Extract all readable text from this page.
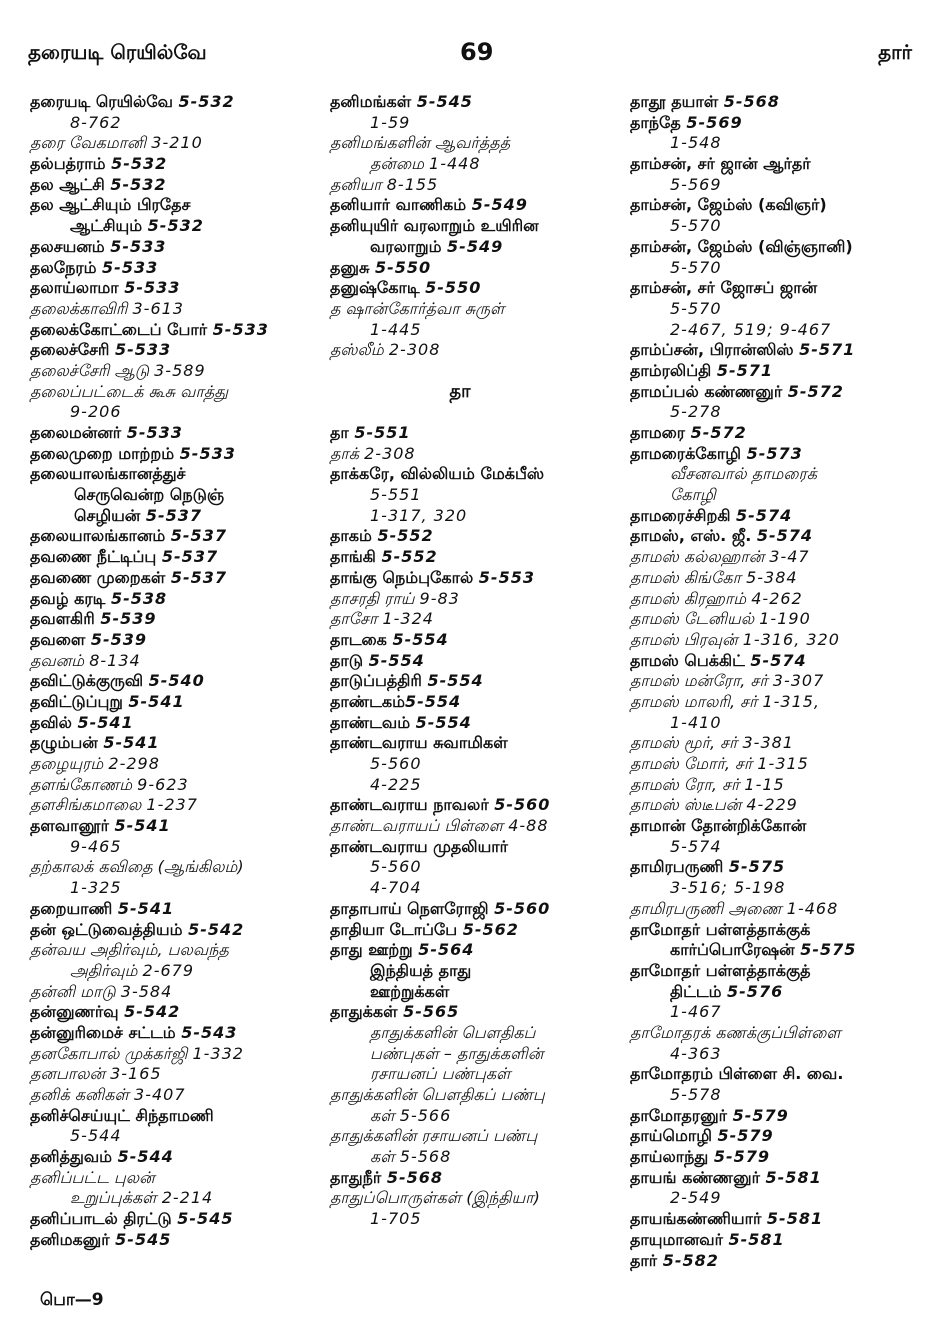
தரையடி ரெயில்வே	69	தார்
தரையடி ரெயில்வே 5-532
8-762
தரை வேகமானி 3-210
தல்பத்ராம் 5-532
தல ஆட்சி 5-532
தல ஆட்சியும் பிரதேச
ஆட்சியும் 5-532
தலசயனம் 5-533
தலநேரம் 5-533
தலாய்லாமா 5-533
தலைக்காவிரி 3-613
தலைக்கோட்டைப் போர் 5-533
தலைச்சேரி 5-533
தலைச்சேரி ஆடு 3-589
தலைப்பட்டைக் கூசு வாத்து
9-206
தலைமன்னர் 5-533
தலைமுறை மாற்றம் 5-533
தலையாலங்கானத்துச்
செருவென்ற நெடுஞ்
செழியன் 5-537
தலையாலங்கானம் 5-537
தவணை நீட்டிப்பு 5-537
தவணை முறைகள் 5-537
தவழ் கரடி 5-538
தவளகிரி 5-539
தவளை 5-539
தவனம் 8-134
தவிட்டுக்குருவி 5-540
தவிட்டுப்புறு 5-541
தவில் 5-541
தழும்பன் 5-541
தழையுரம் 2-298
தளங்கோணம் 9-623
தளசிங்கமாலை 1-237
தளவானூர் 5-541
9-465
தற்காலக் கவிதை (ஆங்கிலம்)
1-325
தறையாணி 5-541
தன் ஒட்டுவைத்தியம் 5-542
தன்வய அதிர்வும், பலவந்த
அதிர்வும் 2-679
தன்னி மாடு 3-584
தன்னுணர்வு 5-542
தன்னுரிமைச் சட்டம் 5-543
தனகோபால் முக்கர்ஜி 1-332
தனபாலன் 3-165
தனிக் கனிகள் 3-407
தனிச்செய்யுட் சிந்தாமணி
5-544
தனித்துவம் 5-544
தனிப்பட்ட புலன்
உறுப்புக்கள் 2-214
தனிப்பாடல் திரட்டு 5-545
தனிமகனுர் 5-545
தனிமங்கள் 5-545
1-59
தனிமங்களின் ஆவர்த்தத்
தன்மை 1-448
தனியா 8-155
தனியார் வாணிகம் 5-549
தனியுயிர் வரலாறும் உயிரின
வரலாறும் 5-549
தனுசு 5-550
தனுஷ்கோடி 5-550
த ஷான்கோர்த்வா சுருள்
1-445
தஸ்லீம் 2-308
தா
தா 5-551
தாக் 2-308
தாக்கரே, வில்லியம் மேக்பீஸ்
5-551
1-317, 320
தாகம் 5-552
தாங்கி 5-552
தாங்கு நெம்புகோல் 5-553
தாசரதி ராய் 9-83
தாசோ 1-324
தாடகை 5-554
தாடு 5-554
தாடுப்பத்திரி 5-554
தாண்டகம்5-554
தாண்டவம் 5-554
தாண்டவராய சுவாமிகள்
5-560
4-225
தாண்டவராய நாவலர் 5-560
தாண்டவராயப் பிள்ளை 4-88
தாண்டவராய முதலியார்
5-560
4-704
தாதாபாய் நௌரோஜி 5-560
தாதியா டோப்பே 5-562
தாது ஊற்று 5-564
இந்தியத் தாது
ஊற்றுக்கள்
தாதுக்கள் 5-565
தாதுக்களின் பௌதிகப்
பண்புகள் – தாதுக்களின்
ரசாயனப் பண்புகள்
தாதுக்களின் பௌதிகப் பண்பு
கள் 5-566
தாதுக்களின் ரசாயனப் பண்பு
கள் 5-568
தாதுநீர் 5-568
தாதுப்பொருள்கள் (இந்தியா)
1-705
தாதூ தயாள் 5-568
தாந்தே 5-569
1-548
தாம்சன், சர் ஜான் ஆர்தர்
5-569
தாம்சன், ஜேம்ஸ் (கவிஞர்)
5-570
தாம்சன், ஜேம்ஸ் (விஞ்ஞானி)
5-570
தாம்சன், சர் ஜோசப் ஜான்
5-570
2-467, 519; 9-467
தாம்ப்சன், பிரான்ஸிஸ் 5-571
தாம்ரலிப்தி 5-571
தாமப்பல் கண்ணனுர் 5-572
5-278
தாமரை 5-572
தாமரைக்கோழி 5-573
வீசனவால் தாமரைக்
கோழி
தாமரைச்சிறகி 5-574
தாமஸ், எஸ். ஜீ. 5-574
தாமஸ் கல்லஹான் 3-47
தாமஸ் கிங்கோ 5-384
தாமஸ் கிரஹாம் 4-262
தாமஸ் டேனியல் 1-190
தாமஸ் பிரவுன் 1-316, 320
தாமஸ் பெக்கிட் 5-574
தாமஸ் மன்ரோ, சர் 3-307
தாமஸ் மாலரி, சர் 1-315,
1-410
தாமஸ் மூர், சர் 3-381
தாமஸ் மோர், சர் 1-315
தாமஸ் ரோ, சர் 1-15
தாமஸ் ஸ்டீபன் 4-229
தாமான் தோன்றிக்கோன்
5-574
தாமிரபருணி 5-575
3-516; 5-198
தாமிரபருணி அணை 1-468
தாமோதர் பள்ளத்தாக்குக்
கார்ப்பொரேஷன் 5-575
தாமோதர் பள்ளத்தாக்குத்
திட்டம் 5-576
1-467
தாமோதரக் கணக்குப்பிள்ளை
4-363
தாமோதரம் பிள்ளை சி. வை.
5-578
தாமோதரனுர் 5-579
தாய்மொழி 5-579
தாய்லாந்து 5-579
தாயங் கண்ணனுர் 5-581
2-549
தாயங்கண்ணியார் 5-581
தாயுமானவர் 5-581
தார் 5-582
பொ—9
